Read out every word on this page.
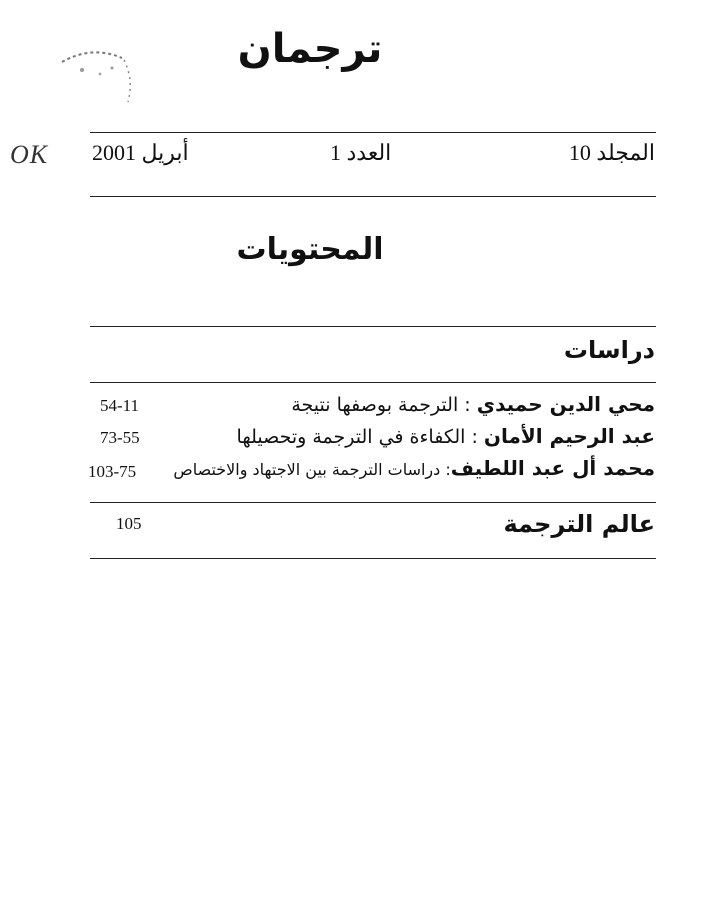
OK
ترجمان
المجلد 10
العدد 1
أبريل 2001
المحتويات
دراسات
محي الدين حميدي : الترجمة بوصفها نتيجة
54-11
عبد الرحيم الأمان : الكفاءة في الترجمة وتحصيلها
73-55
محمد أل عبد اللطيف: دراسات الترجمة بين الاجتهاد والاختصاص
103-75
عالم الترجمة
105
